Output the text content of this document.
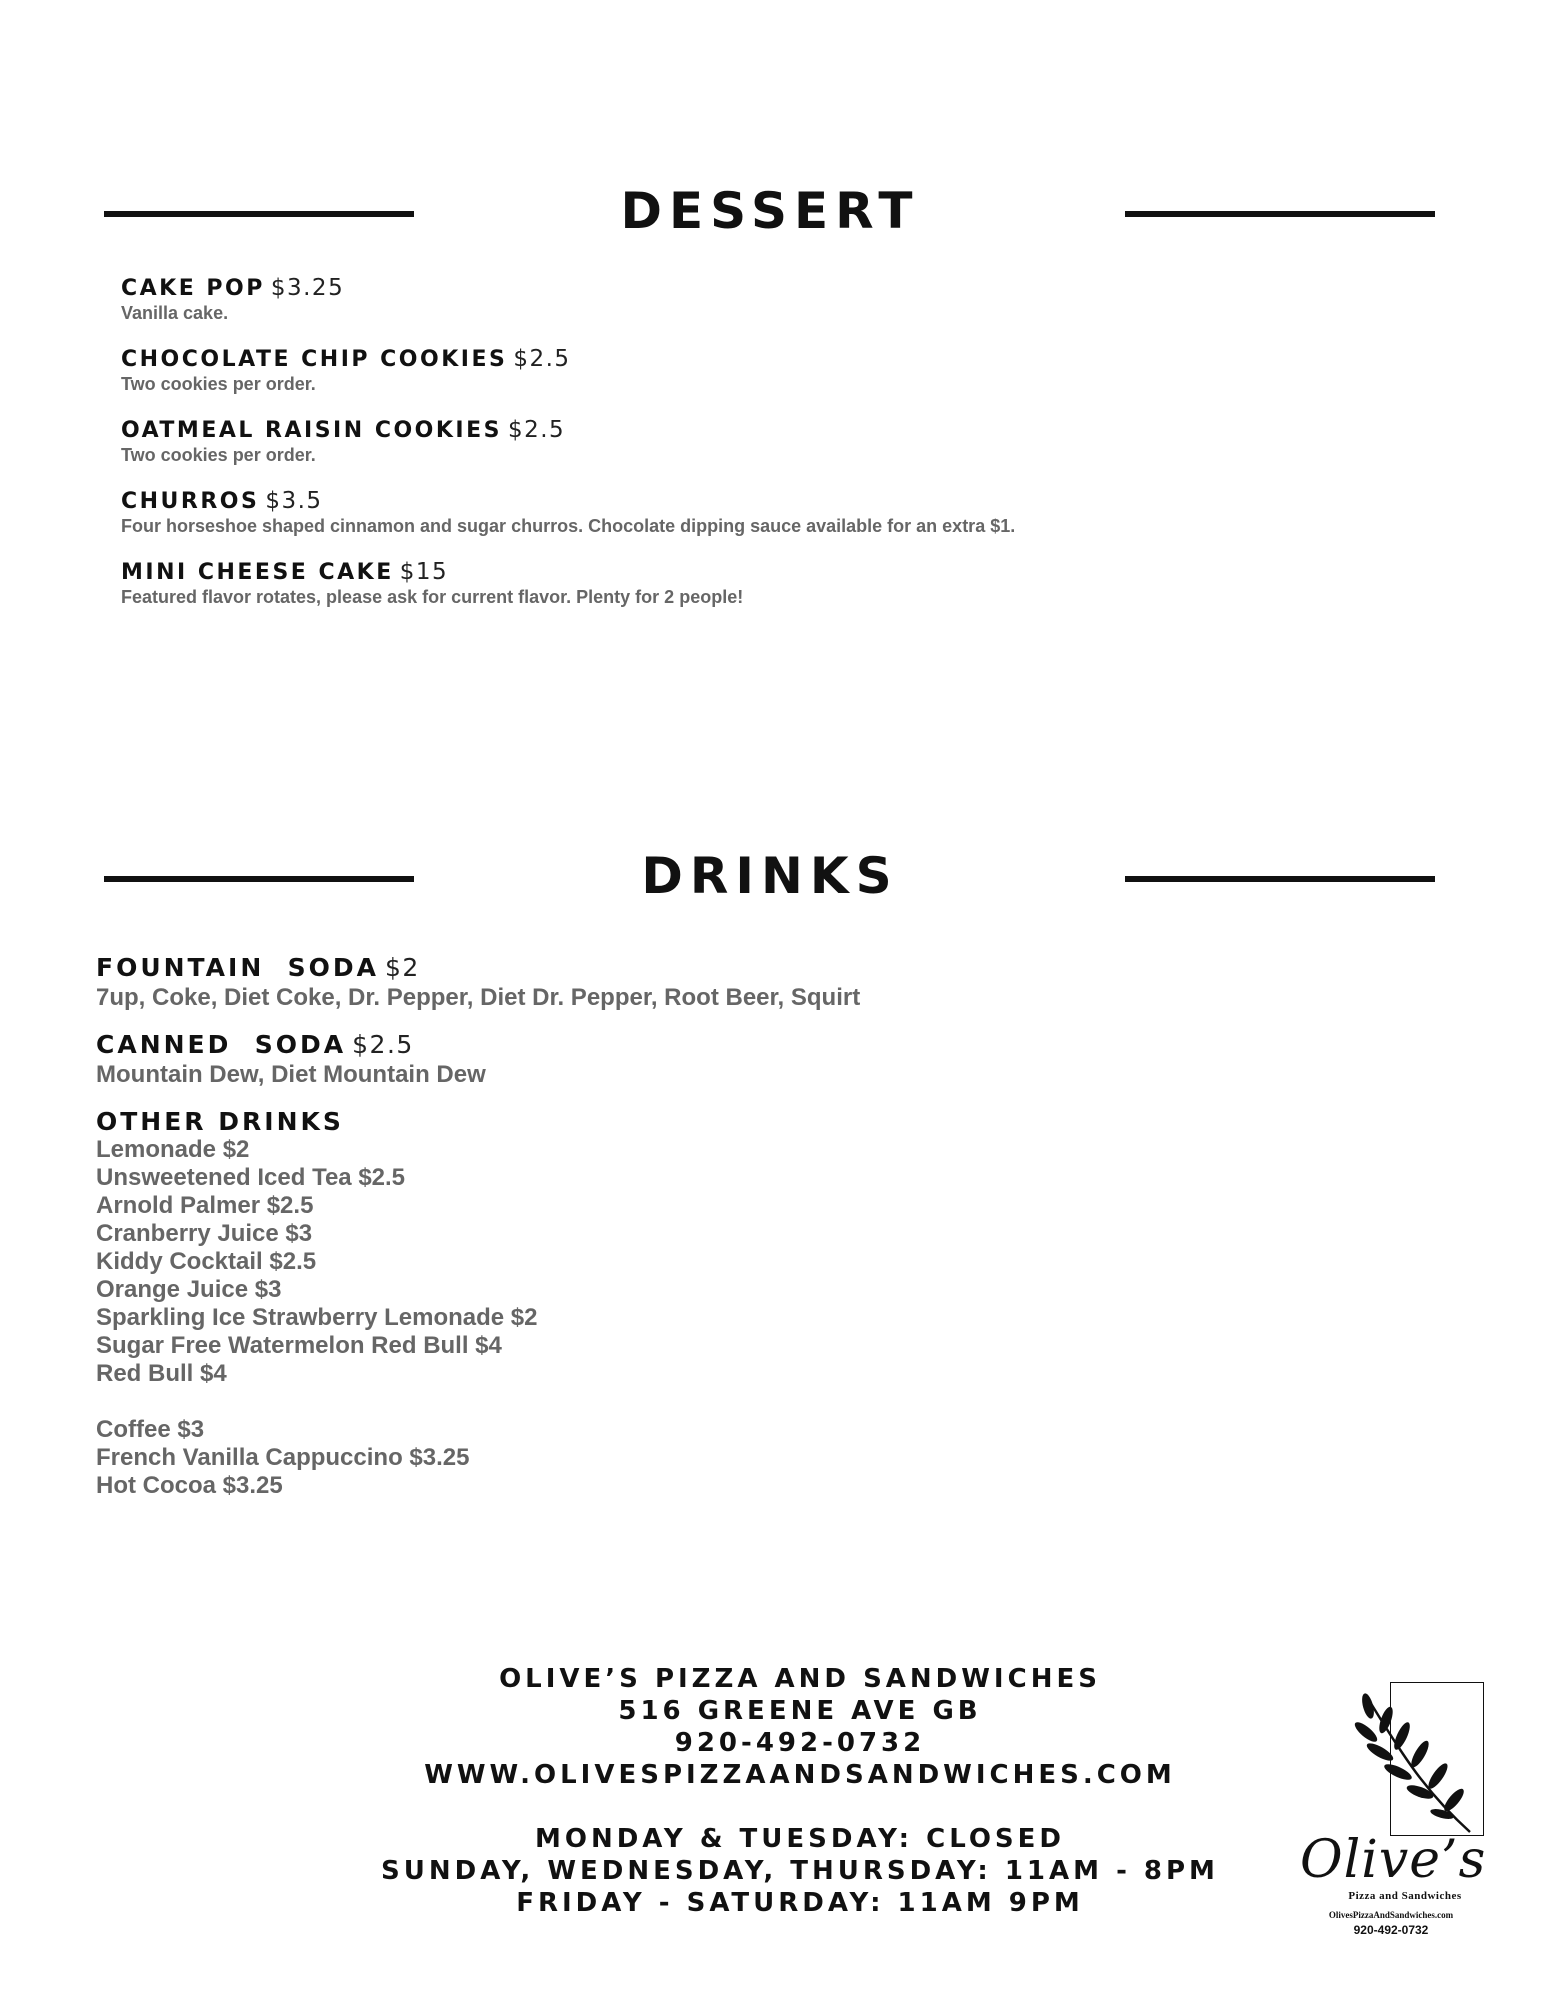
DESSERT
CAKE POP $3.25
Vanilla cake.
CHOCOLATE CHIP COOKIES $2.5
Two cookies per order.
OATMEAL RAISIN COOKIES $2.5
Two cookies per order.
CHURROS $3.5
Four horseshoe shaped cinnamon and sugar churros. Chocolate dipping sauce available for an extra $1.
MINI CHEESE CAKE $15
Featured flavor rotates, please ask for current flavor. Plenty for 2 people!
DRINKS
FOUNTAIN  SODA $2
7up, Coke, Diet Coke, Dr. Pepper, Diet Dr. Pepper, Root Beer, Squirt
CANNED  SODA $2.5
Mountain Dew, Diet Mountain Dew
OTHER DRINKS
Lemonade $2
Unsweetened Iced Tea $2.5
Arnold Palmer $2.5
Cranberry Juice $3
Kiddy Cocktail $2.5
Orange Juice $3
Sparkling Ice Strawberry Lemonade $2
Sugar Free Watermelon Red Bull $4
Red Bull $4
Coffee $3
French Vanilla Cappuccino $3.25
Hot Cocoa $3.25
OLIVE’S PIZZA AND SANDWICHES
516 GREENE AVE GB
920-492-0732
WWW.OLIVESPIZZAANDSANDWICHES.COM
MONDAY & TUESDAY: CLOSED
SUNDAY, WEDNESDAY, THURSDAY: 11AM - 8PM
FRIDAY - SATURDAY: 11AM 9PM
Olive’s
Pizza and Sandwiches
OlivesPizzaAndSandwiches.com
920-492-0732
